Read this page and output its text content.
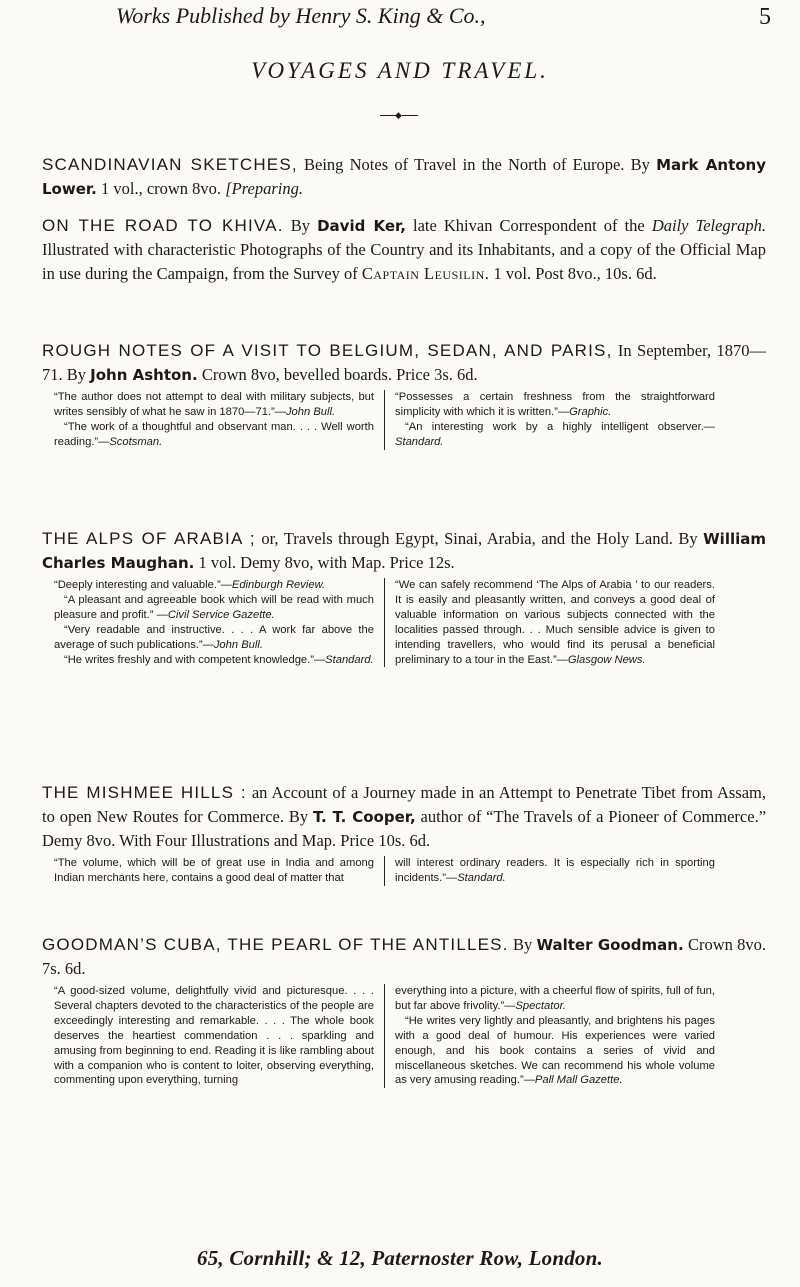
Works Published by Henry S. King & Co.,	5
VOYAGES AND TRAVEL.
◆
SCANDINAVIAN SKETCHES, Being Notes of Travel in the North of Europe. By Mark Antony Lower. 1 vol., crown 8vo. [Preparing.
ON THE ROAD TO KHIVA. By David Ker, late Khivan Correspondent of the Daily Telegraph. Illustrated with characteristic Photographs of the Country and its Inhabitants, and a copy of the Official Map in use during the Campaign, from the Survey of Captain Leusilin. 1 vol. Post 8vo., 10s. 6d.
ROUGH NOTES OF A VISIT TO BELGIUM, SEDAN, AND PARIS, In September, 1870—71. By John Ashton. Crown 8vo, bevelled boards. Price 3s. 6d.

“The author does not attempt to deal with military subjects, but writes sensibly of what he saw in 1870—71.”—John Bull.

“The work of a thoughtful and observant man. . . . Well worth reading.”—Scotsman.

“Possesses a certain freshness from the straightforward simplicity with which it is written.”—Graphic.

“An interesting work by a highly intelligent observer.—Standard.

THE ALPS OF ARABIA ; or, Travels through Egypt, Sinai, Arabia, and the Holy Land. By William Charles Maughan. 1 vol. Demy 8vo, with Map. Price 12s.

“Deeply interesting and valuable.”—Edinburgh Review.

“A pleasant and agreeable book which will be read with much pleasure and profit.” —Civil Service Gazette.

“Very readable and instructive. . . . A work far above the average of such publications.”—John Bull.

“He writes freshly and with competent knowledge.”—Standard.

“We can safely recommend ‘The Alps of Arabia ’ to our readers. It is easily and pleasantly written, and conveys a good deal of valuable information on various subjects connected with the localities passed through. . . Much sensible advice is given to intending travellers, who would find its perusal a beneficial preliminary to a tour in the East.”—Glasgow News.

THE MISHMEE HILLS : an Account of a Journey made in an Attempt to Penetrate Tibet from Assam, to open New Routes for Commerce. By T. T. Cooper, author of “The Travels of a Pioneer of Commerce.” Demy 8vo. With Four Illustrations and Map. Price 10s. 6d.

“The volume, which will be of great use in India and among Indian merchants here, contains a good deal of matter that

will interest ordinary readers. It is especially rich in sporting incidents.”—Standard.

GOODMAN’S CUBA, THE PEARL OF THE ANTILLES. By Walter Goodman. Crown 8vo. 7s. 6d.

“A good-sized volume, delightfully vivid and picturesque. . . . Several chapters devoted to the characteristics of the people are exceedingly interesting and remarkable. . . . The whole book deserves the heartiest commendation . . . sparkling and amusing from beginning to end. Reading it is like rambling about with a companion who is content to loiter, observing everything, commenting upon everything, turning

everything into a picture, with a cheerful flow of spirits, full of fun, but far above frivolity.”—Spectator.

“He writes very lightly and pleasantly, and brightens his pages with a good deal of humour. His experiences were varied enough, and his book contains a series of vivid and miscellaneous sketches. We can recommend his whole volume as very amusing reading.”—Pall Mall Gazette.

65, Cornhill; & 12, Paternoster Row, London.
